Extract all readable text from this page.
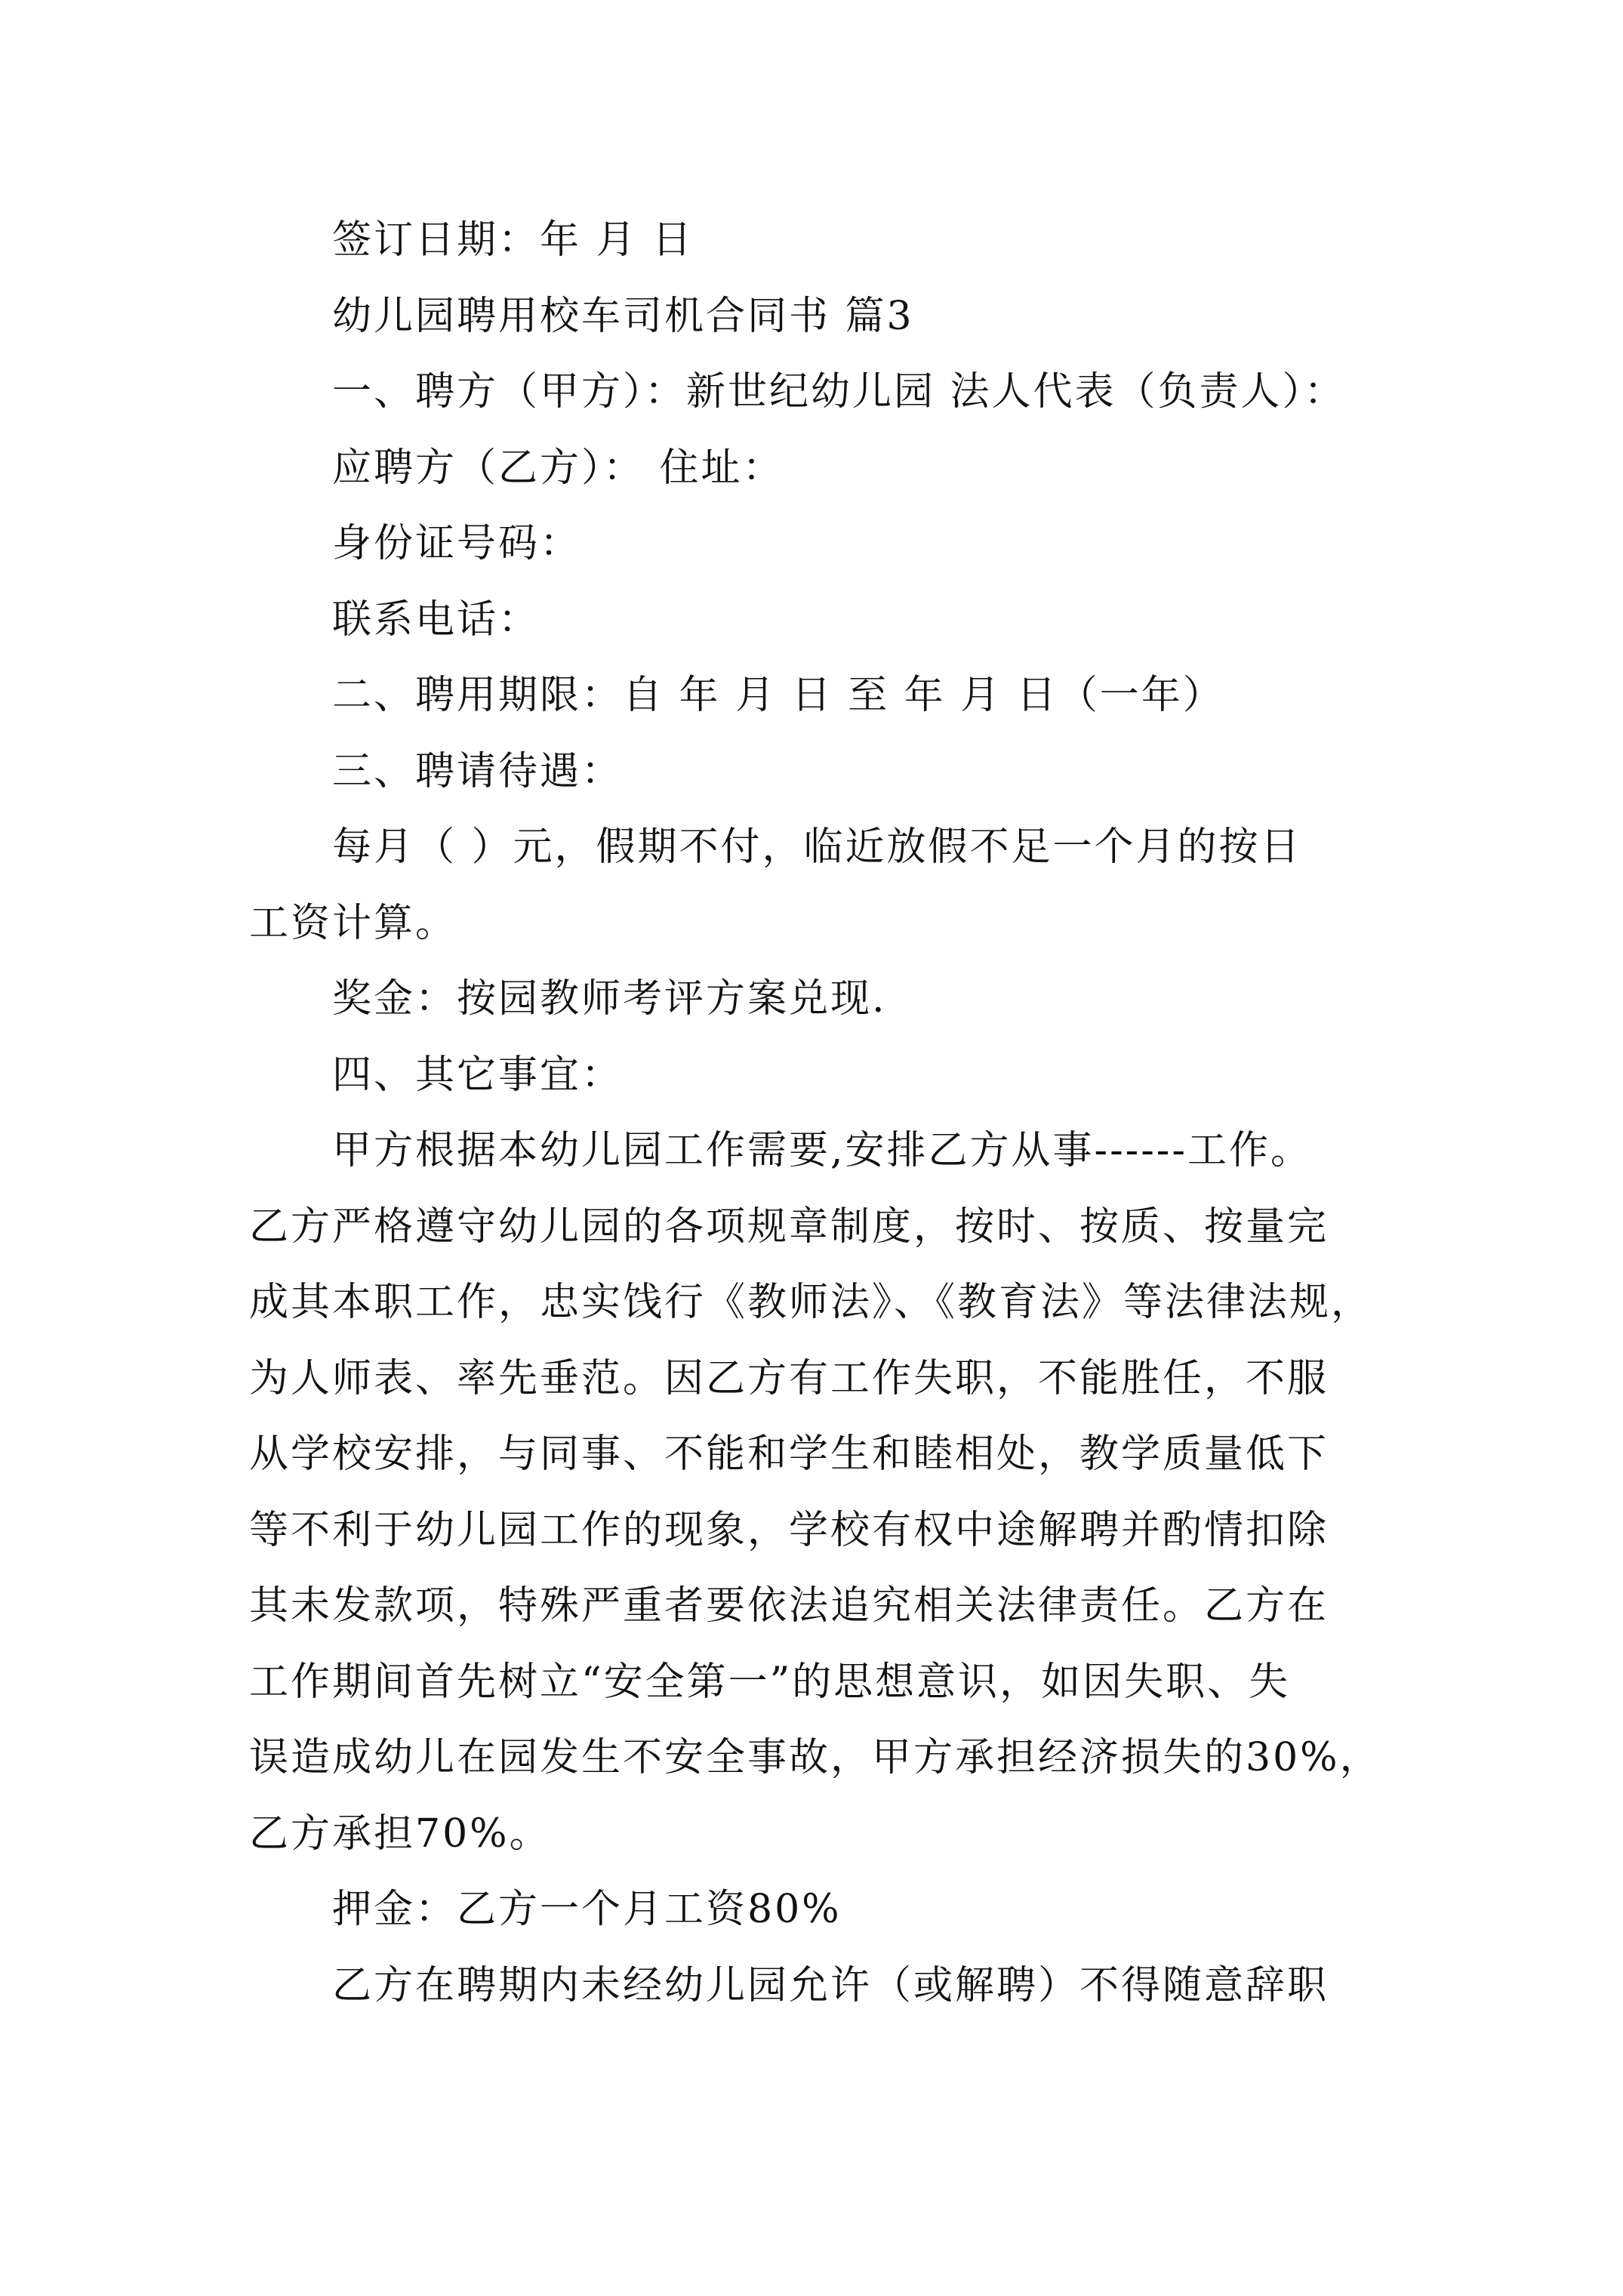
签订日期：年 月 日
幼儿园聘用校车司机合同书 篇3
一、聘方（甲方）：新世纪幼儿园 法人代表（负责人）：
应聘方（乙方）： 住址：
身份证号码：
联系电话：
二、聘用期限：自 年 月 日 至 年 月 日（一年）
三、聘请待遇：
每月（ ）元，假期不付，临近放假不足一个月的按日
工资计算。
奖金：按园教师考评方案兑现.
四、其它事宜：
甲方根据本幼儿园工作需要,安排乙方从事------工作。
乙方严格遵守幼儿园的各项规章制度，按时、按质、按量完
成其本职工作，忠实饯行《教师法》、《教育法》等法律法规，
为人师表、率先垂范。因乙方有工作失职，不能胜任，不服
从学校安排，与同事、不能和学生和睦相处，教学质量低下
等不利于幼儿园工作的现象，学校有权中途解聘并酌情扣除
其未发款项，特殊严重者要依法追究相关法律责任。乙方在
工作期间首先树立“安全第一”的思想意识，如因失职、失
误造成幼儿在园发生不安全事故，甲方承担经济损失的30%，
乙方承担70%。
押金：乙方一个月工资80%
乙方在聘期内未经幼儿园允许（或解聘）不得随意辞职
